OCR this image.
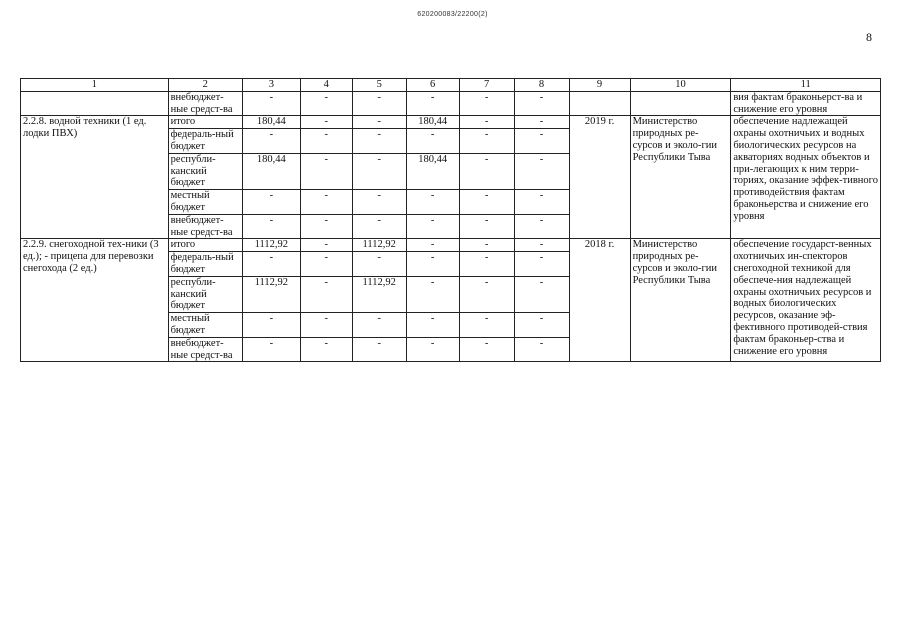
620200083/22200(2)
8
1	2	3	4	5	6	7	8	9	10	11
	внебюджет-ные средст-ва	-	-	-	-	-	-			вия фактам браконьерст-ва и снижение его уровня
2.2.8. водной техники (1 ед. лодки ПВХ)	итого	180,44	-	-	180,44	-	-	2019 г.	Министерство природных ре-сурсов и эколо-гии Республики Тыва	обеспечение надлежащей охраны охотничьих и водных биологических ресурсов на акваториях водных объектов и при-легающих к ним терри-ториях, оказание эффек-тивного противодействия фактам браконьерства и снижение его уровня
	федераль-ный бюджет	-	-	-	-	-	-			
	республи-канский бюджет	180,44	-	-	180,44	-	-			
	местный бюджет	-	-	-	-	-	-			
	внебюджет-ные средст-ва	-	-	-	-	-	-			
2.2.9. снегоходной тех-ники (3 ед.); - прицепа для перевозки снегохода (2 ед.)	итого	1112,92	-	1112,92	-	-	-	2018 г.	Министерство природных ре-сурсов и эколо-гии Республики Тыва	обеспечение государст-венных охотничьих ин-спекторов снегоходной техникой для обеспече-ния надлежащей охраны охотничьих ресурсов и водных биологических ресурсов, оказание эф-фективного противодей-ствия фактам браконьер-ства и снижение его уровня
	федераль-ный бюджет	-	-	-	-	-	-			
	республи-канский бюджет	1112,92	-	1112,92	-	-	-			
	местный бюджет	-	-	-	-	-	-			
	внебюджет-ные средст-ва	-	-	-	-	-	-			
